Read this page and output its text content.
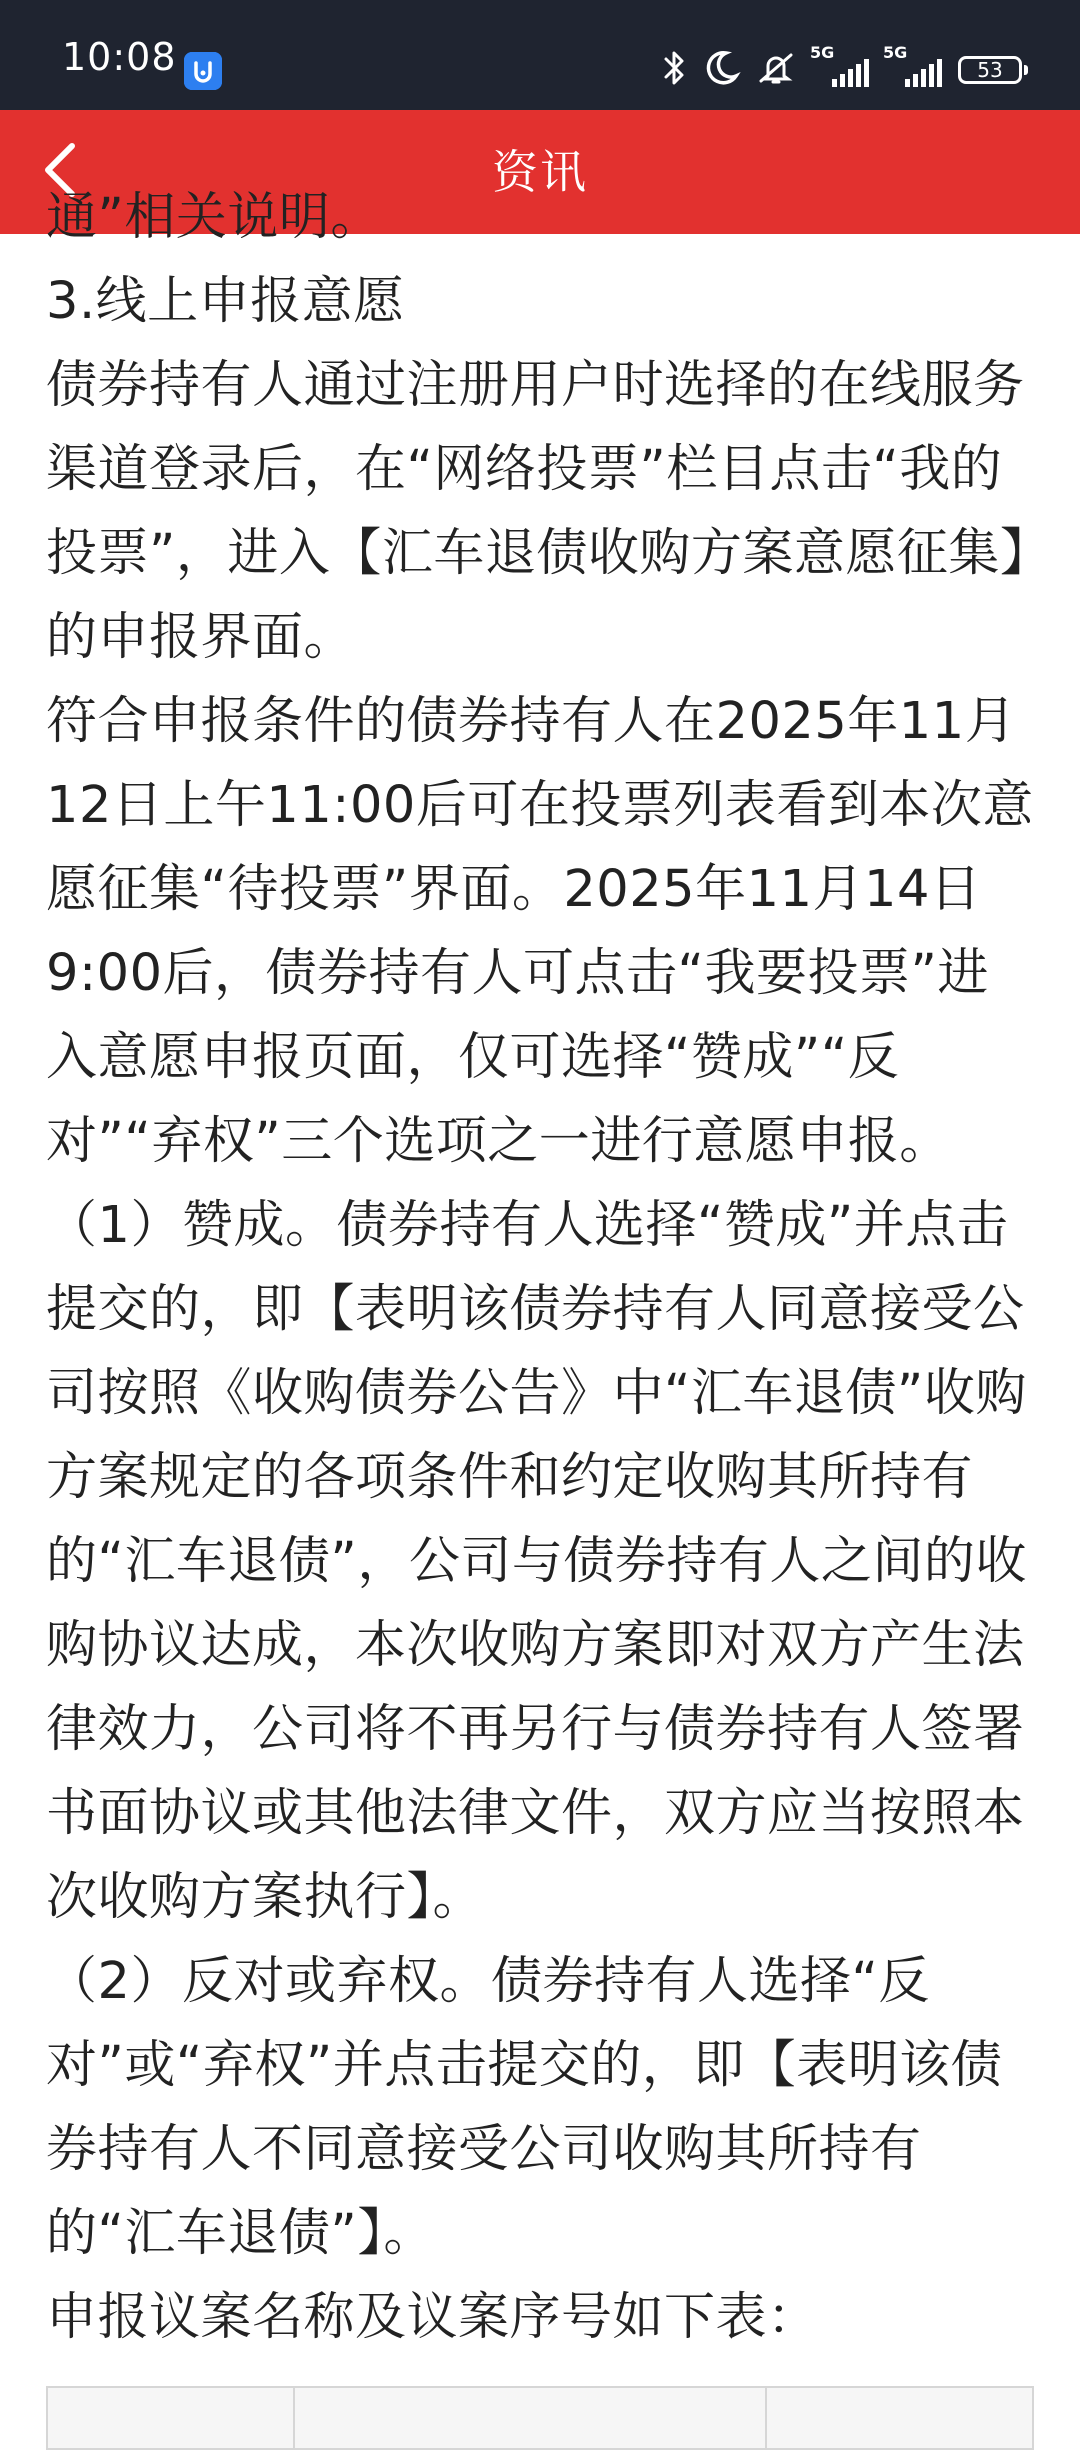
10:08	5G	5G
53
资讯

通”相关说明。

3.线上申报意愿

债券持有人通过注册用户时选择的在线服务渠道登录后，在“网络投票”栏目点击“我的投票”，进入【汇车退债收购方案意愿征集】的申报界面。

符合申报条件的债券持有人在2025年11月12日上午11:00后可在投票列表看到本次意愿征集“待投票”界面。2025年11月14日9:00后，债券持有人可点击“我要投票”进入意愿申报页面，仅可选择“赞成”“反对”“弃权”三个选项之一进行意愿申报。

（1）赞成。债券持有人选择“赞成”并点击提交的，即【表明该债券持有人同意接受公司按照《收购债券公告》中“汇车退债”收购方案规定的各项条件和约定收购其所持有的“汇车退债”，公司与债券持有人之间的收购协议达成，本次收购方案即对双方产生法律效力，公司将不再另行与债券持有人签署书面协议或其他法律文件，双方应当按照本次收购方案执行】。

（2）反对或弃权。债券持有人选择“反对”或“弃权”并点击提交的，即【表明该债券持有人不同意接受公司收购其所持有的“汇车退债”】。

申报议案名称及议案序号如下表：
